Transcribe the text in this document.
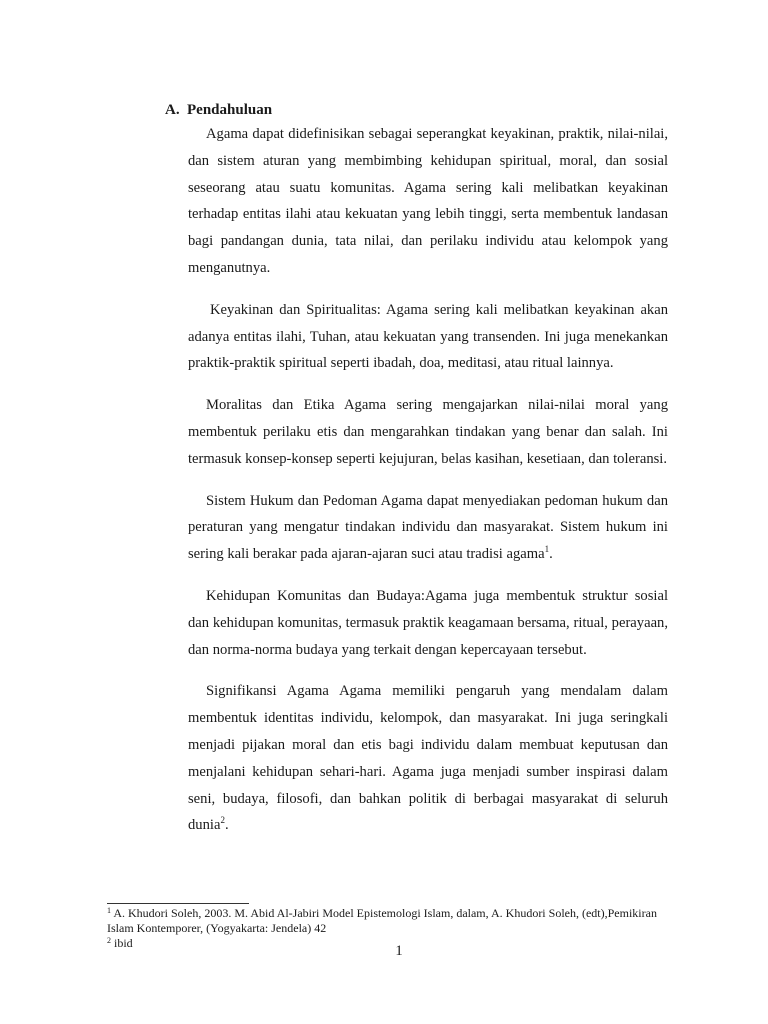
A. Pendahuluan

Agama dapat didefinisikan sebagai seperangkat keyakinan, praktik, nilai-nilai, dan sistem aturan yang membimbing kehidupan spiritual, moral, dan sosial seseorang atau suatu komunitas. Agama sering kali melibatkan keyakinan terhadap entitas ilahi atau kekuatan yang lebih tinggi, serta membentuk landasan bagi pandangan dunia, tata nilai, dan perilaku individu atau kelompok yang menganutnya.

Keyakinan dan Spiritualitas: Agama sering kali melibatkan keyakinan akan adanya entitas ilahi, Tuhan, atau kekuatan yang transenden. Ini juga menekankan praktik-praktik spiritual seperti ibadah, doa, meditasi, atau ritual lainnya.

Moralitas dan Etika Agama sering mengajarkan nilai-nilai moral yang membentuk perilaku etis dan mengarahkan tindakan yang benar dan salah. Ini termasuk konsep-konsep seperti kejujuran, belas kasihan, kesetiaan, dan toleransi.

Sistem Hukum dan Pedoman Agama dapat menyediakan pedoman hukum dan peraturan yang mengatur tindakan individu dan masyarakat. Sistem hukum ini sering kali berakar pada ajaran-ajaran suci atau tradisi agama$^1$.

Kehidupan Komunitas dan Budaya:Agama juga membentuk struktur sosial dan kehidupan komunitas, termasuk praktik keagamaan bersama, ritual, perayaan, dan norma-norma budaya yang terkait dengan kepercayaan tersebut.

Signifikansi Agama Agama memiliki pengaruh yang mendalam dalam membentuk identitas individu, kelompok, dan masyarakat. Ini juga seringkali menjadi pijakan moral dan etis bagi individu dalam membuat keputusan dan menjalani kehidupan sehari-hari. Agama juga menjadi sumber inspirasi dalam seni, budaya, filosofi, dan bahkan politik di berbagai masyarakat di seluruh dunia$^2$.

$^1$ A. Khudori Soleh, 2003. M. Abid Al-Jabiri Model Epistemologi Islam, dalam, A. Khudori Soleh, (edt),Pemikiran Islam Kontemporer, (Yogyakarta: Jendela) 42

$^2$ ibid	1
